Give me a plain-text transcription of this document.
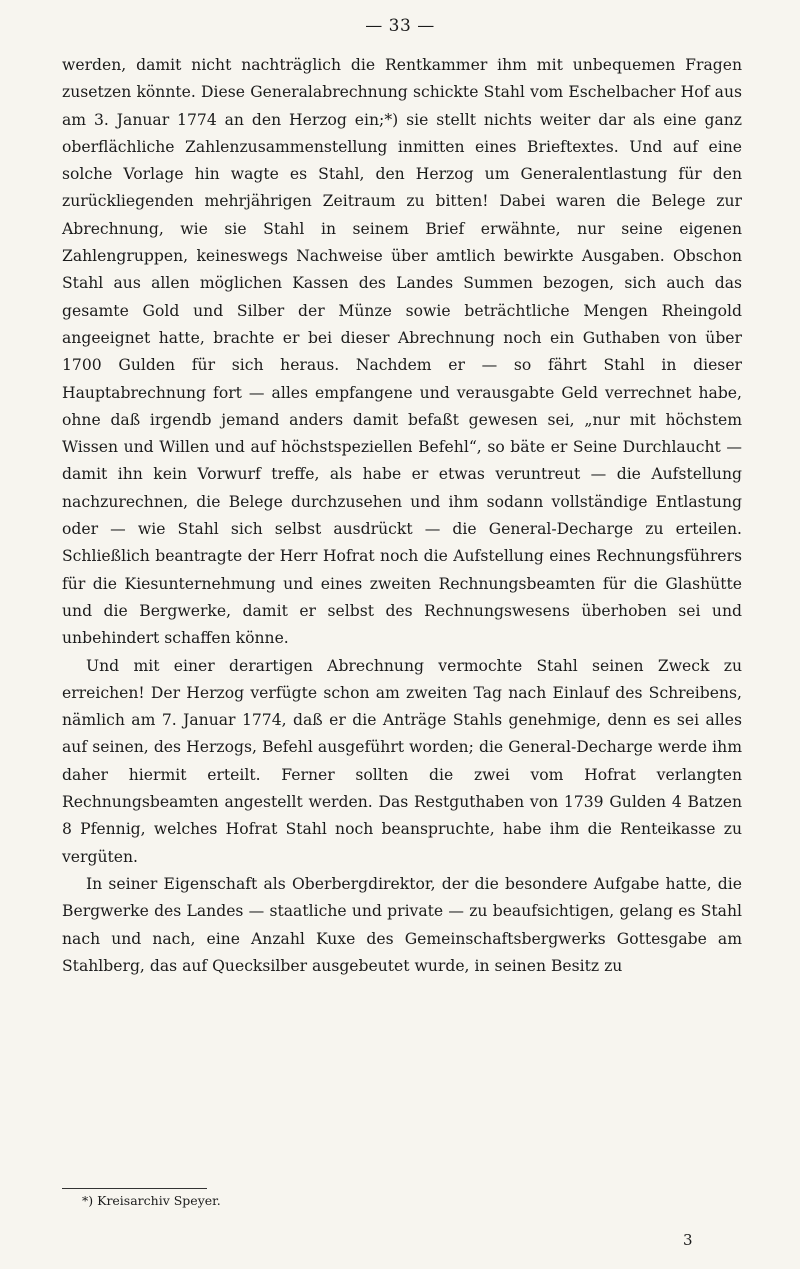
— 33 —

werden, damit nicht nachträglich die Rentkammer ihm mit unbequemen Fragen zusetzen könnte. Diese Generalabrechnung schickte Stahl vom Eschelbacher Hof aus am 3. Januar 1774 an den Herzog ein;*) sie stellt nichts weiter dar als eine ganz oberflächliche Zahlenzusammenstellung inmitten eines Brieftextes. Und auf eine solche Vorlage hin wagte es Stahl, den Herzog um Generalentlastung für den zurückliegenden mehrjährigen Zeitraum zu bitten! Dabei waren die Belege zur Abrechnung, wie sie Stahl in seinem Brief erwähnte, nur seine eigenen Zahlengruppen, keineswegs Nachweise über amtlich bewirkte Ausgaben. Obschon Stahl aus allen möglichen Kassen des Landes Summen bezogen, sich auch das gesamte Gold und Silber der Münze sowie beträchtliche Mengen Rheingold angeeignet hatte, brachte er bei dieser Abrechnung noch ein Guthaben von über 1700 Gulden für sich heraus. Nachdem er — so fährt Stahl in dieser Hauptabrechnung fort — alles empfangene und verausgabte Geld verrechnet habe, ohne daß irgendb jemand anders damit befaßt gewesen sei, „nur mit höchstem Wissen und Willen und auf höchstspeziellen Befehl“, so bäte er Seine Durchlaucht — damit ihn kein Vorwurf treffe, als habe er etwas veruntreut — die Aufstellung nachzurechnen, die Belege durchzusehen und ihm sodann vollständige Entlastung oder — wie Stahl sich selbst ausdrückt — die General-Decharge zu erteilen. Schließlich beantragte der Herr Hofrat noch die Aufstellung eines Rechnungsführers für die Kiesunternehmung und eines zweiten Rechnungsbeamten für die Glashütte und die Bergwerke, damit er selbst des Rechnungswesens überhoben sei und unbehindert schaffen könne.

Und mit einer derartigen Abrechnung vermochte Stahl seinen Zweck zu erreichen! Der Herzog verfügte schon am zweiten Tag nach Einlauf des Schreibens, nämlich am 7. Januar 1774, daß er die Anträge Stahls genehmige, denn es sei alles auf seinen, des Herzogs, Befehl ausgeführt worden; die General-Decharge werde ihm daher hiermit erteilt. Ferner sollten die zwei vom Hofrat verlangten Rechnungsbeamten angestellt werden. Das Restguthaben von 1739 Gulden 4 Batzen 8 Pfennig, welches Hofrat Stahl noch beanspruchte, habe ihm die Renteikasse zu vergüten.

In seiner Eigenschaft als Oberbergdirektor, der die besondere Aufgabe hatte, die Bergwerke des Landes — staatliche und private — zu beaufsichtigen, gelang es Stahl nach und nach, eine Anzahl Kuxe des Gemeinschaftsbergwerks Gottesgabe am Stahlberg, das auf Quecksilber ausgebeutet wurde, in seinen Besitz zu

*) Kreisarchiv Speyer.
3
